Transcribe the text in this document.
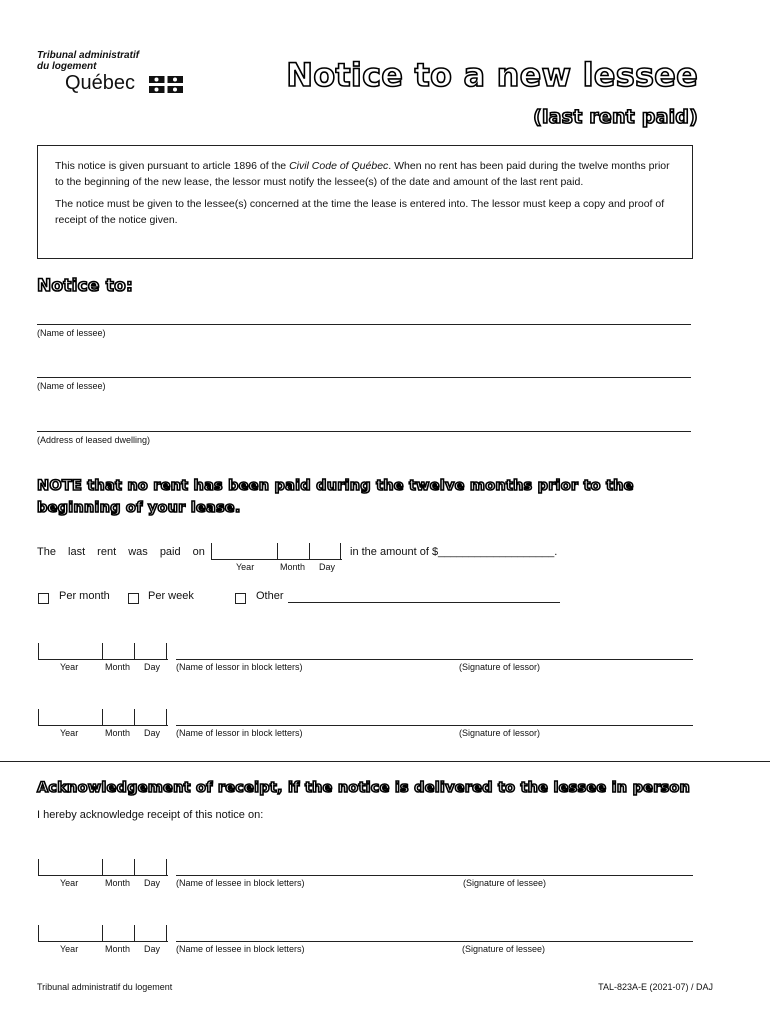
Tribunal administratif
du logement
Québec	Notice to a new lessee
(last rent paid)

This notice is given pursuant to article 1896 of the Civil Code of Québec. When no rent has been paid during the twelve months prior to the beginning of the new lease, the lessor must notify the lessee(s) of the date and amount of the last rent paid.

The notice must be given to the lessee(s) concerned at the time the lease is entered into. The lessor must keep a copy and proof of receipt of the notice given.

Notice to:
(Name of lessee)
(Name of lessee)
(Address of leased dwelling)
NOTE that no rent has been paid during the twelve months prior to the beginning of your lease.
The last rent was paid on
Year	Month Day
in the amount of $___________________.
Per month	Per week	Other
Year	Month Day (Name of lessor in block letters)	(Signature of lessor)
Year	Month Day (Name of lessor in block letters)	(Signature of lessor)
Acknowledgement of receipt, if the notice is delivered to the lessee in person
I hereby acknowledge receipt of this notice on:
Year	Month Day (Name of lessee in block letters)	(Signature of lessee)
Year	Month Day (Name of lessee in block letters)	(Signature of lessee)
Tribunal administratif du logement	TAL-823A-E (2021-07) / DAJ
